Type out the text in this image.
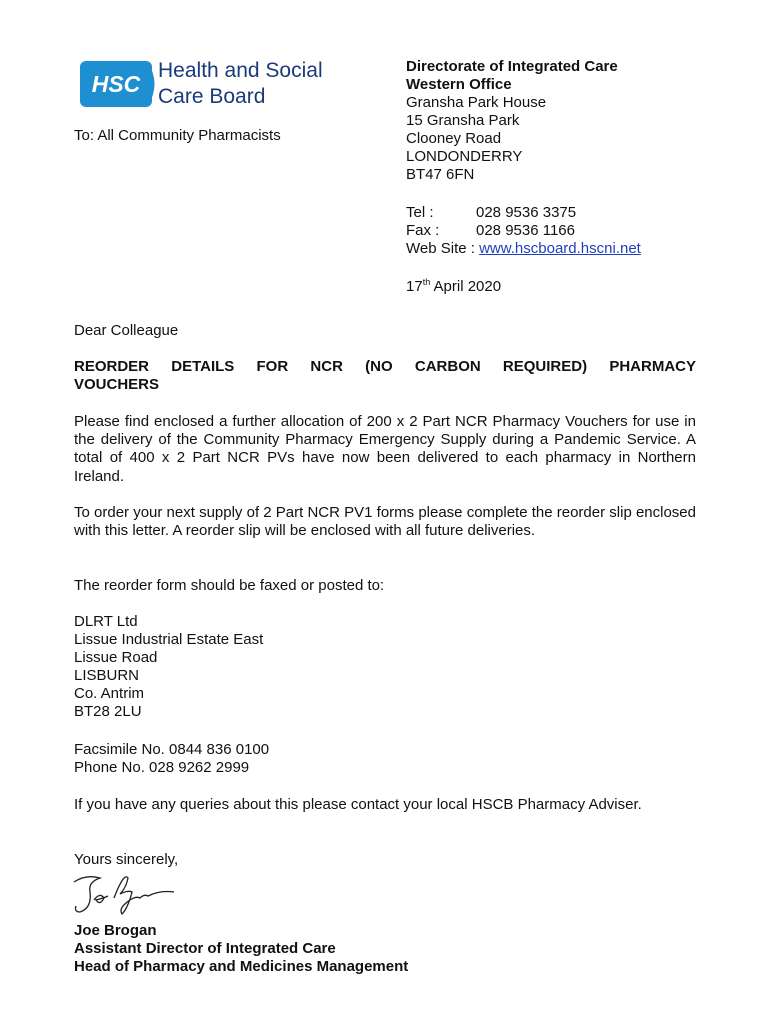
HSC
Health and Social
Care Board
To: All Community Pharmacists
Directorate of Integrated Care
Western Office
Gransha Park House
15 Gransha Park
Clooney Road
LONDONDERRY
BT47 6FN
Tel :	028 9536 3375
Fax : 028 9536 1166
Web Site : www.hscboard.hscni.net
17th April 2020
Dear Colleague
REORDER DETAILS FOR NCR (NO CARBON REQUIRED) PHARMACY
VOUCHERS
Please find enclosed a further allocation of 200 x 2 Part NCR Pharmacy Vouchers for use in the delivery of the Community Pharmacy Emergency Supply during a Pandemic Service. A total of 400 x 2 Part NCR PVs have now been delivered to each pharmacy in Northern Ireland.
To order your next supply of 2 Part NCR PV1 forms please complete the reorder slip enclosed with this letter. A reorder slip will be enclosed with all future deliveries.
The reorder form should be faxed or posted to:
DLRT Ltd
Lissue Industrial Estate East
Lissue Road
LISBURN
Co. Antrim
BT28 2LU
Facsimile No. 0844 836 0100
Phone No. 028 9262 2999
If you have any queries about this please contact your local HSCB Pharmacy Adviser.
Yours sincerely,
Joe Brogan
Assistant Director of Integrated Care
Head of Pharmacy and Medicines Management
